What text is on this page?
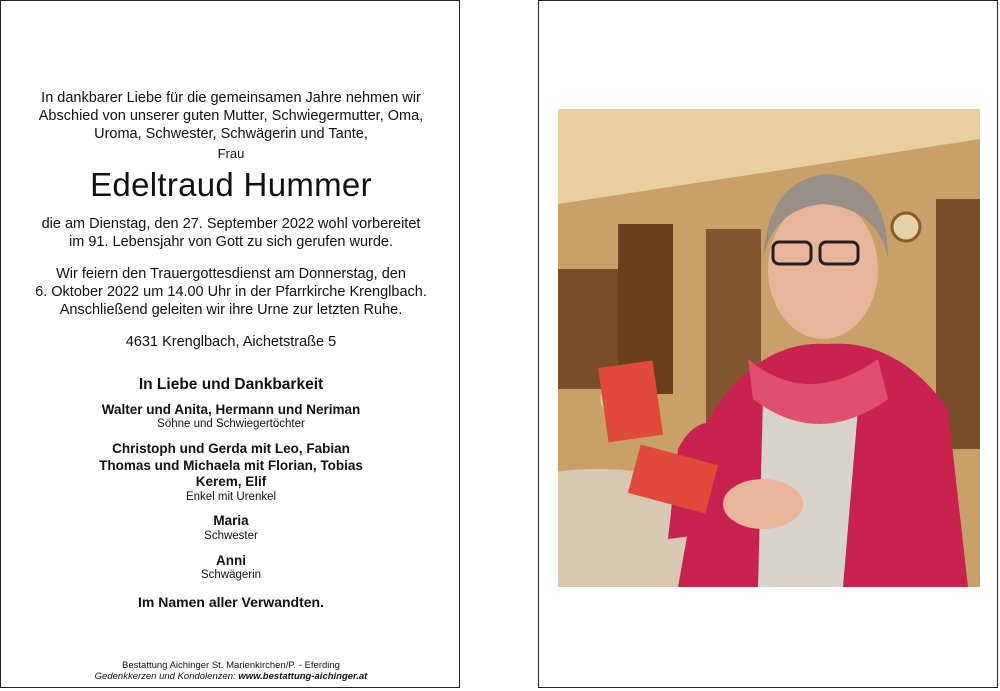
In dankbarer Liebe für die gemeinsamen Jahre nehmen wir
Abschied von unserer guten Mutter, Schwiegermutter, Oma,
Uroma, Schwester, Schwägerin und Tante,
Frau
Edeltraud Hummer
die am Dienstag, den 27. September 2022 wohl vorbereitet
im 91. Lebensjahr von Gott zu sich gerufen wurde.
Wir feiern den Trauergottesdienst am Donnerstag, den
6. Oktober 2022 um 14.00 Uhr in der Pfarrkirche Krenglbach.
Anschließend geleiten wir ihre Urne zur letzten Ruhe.
4631 Krenglbach, Aichetstraße 5
In Liebe und Dankbarkeit
Walter und Anita, Hermann und Neriman
Söhne und Schwiegertöchter
Christoph und Gerda mit Leo, Fabian
Thomas und Michaela mit Florian, Tobias
Kerem, Elif
Enkel mit Urenkel
Maria
Schwester
Anni
Schwägerin
Im Namen aller Verwandten.
Bestattung Aichinger St. Marienkirchen/P. - Eferding
Gedenkkerzen und Kondolenzen: www.bestattung-aichinger.at
